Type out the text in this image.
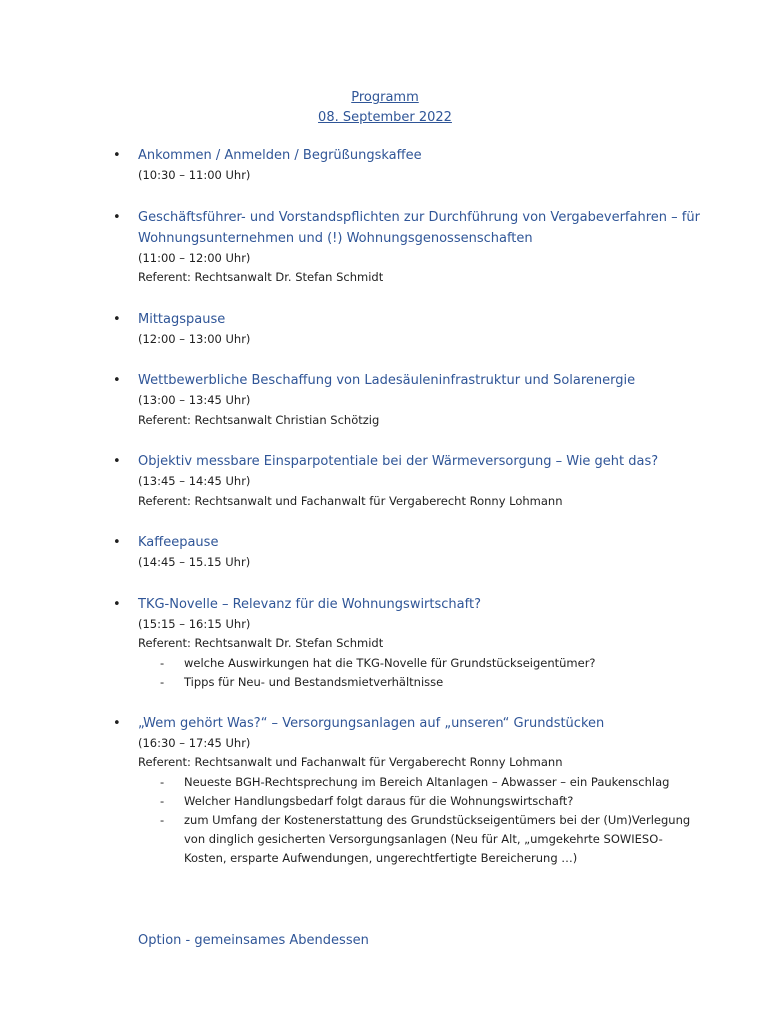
Programm
08. September 2022
• Ankommen / Anmelden / Begrüßungskaffee
(10:30 – 11:00 Uhr)
• Geschäftsführer- und Vorstandspflichten zur Durchführung von Vergabeverfahren – für Wohnungsunternehmen und (!) Wohnungsgenossenschaften
(11:00 – 12:00 Uhr)
Referent: Rechtsanwalt Dr. Stefan Schmidt
• Mittagspause
(12:00 – 13:00 Uhr)
• Wettbewerbliche Beschaffung von Ladesäuleninfrastruktur und Solarenergie
(13:00 – 13:45 Uhr)
Referent: Rechtsanwalt Christian Schötzig
• Objektiv messbare Einsparpotentiale bei der Wärmeversorgung – Wie geht das?
(13:45 – 14:45 Uhr)
Referent: Rechtsanwalt und Fachanwalt für Vergaberecht Ronny Lohmann
• Kaffeepause
(14:45 – 15.15 Uhr)
• TKG-Novelle – Relevanz für die Wohnungswirtschaft?
(15:15 – 16:15 Uhr)
Referent: Rechtsanwalt Dr. Stefan Schmidt
- welche Auswirkungen hat die TKG-Novelle für Grundstückseigentümer?
- Tipps für Neu- und Bestandsmietverhältnisse
• „Wem gehört Was?“ – Versorgungsanlagen auf „unseren“ Grundstücken
(16:30 – 17:45 Uhr)
Referent: Rechtsanwalt und Fachanwalt für Vergaberecht Ronny Lohmann
- Neueste BGH-Rechtsprechung im Bereich Altanlagen – Abwasser – ein Paukenschlag
- Welcher Handlungsbedarf folgt daraus für die Wohnungswirtschaft?
- zum Umfang der Kostenerstattung des Grundstückseigentümers bei der (Um)Verlegung von dinglich gesicherten Versorgungsanlagen (Neu für Alt, „umgekehrte SOWIESO-Kosten, ersparte Aufwendungen, ungerechtfertigte Bereicherung …)
Option - gemeinsames Abendessen
